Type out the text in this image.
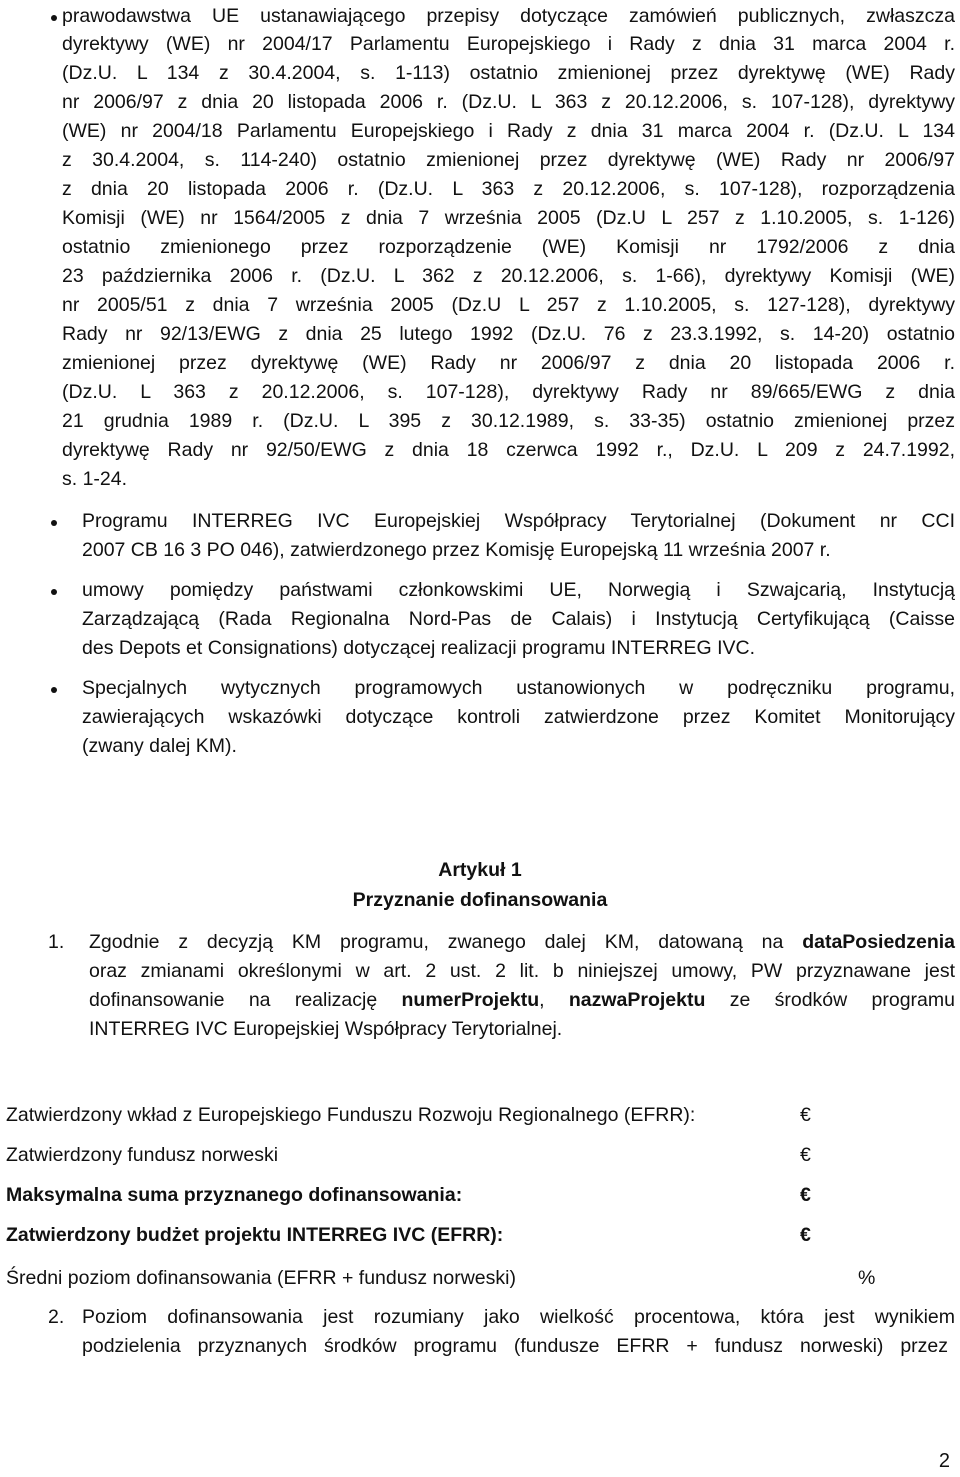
prawodawstwa UE ustanawiającego przepisy dotyczące zamówień publicznych, zwłaszcza
dyrektywy (WE) nr 2004/17 Parlamentu Europejskiego i Rady z dnia 31 marca 2004 r.
(Dz.U. L 134 z 30.4.2004, s. 1-113) ostatnio zmienionej przez dyrektywę (WE) Rady
nr 2006/97 z dnia 20 listopada 2006 r. (Dz.U. L 363 z 20.12.2006, s. 107-128), dyrektywy
(WE) nr 2004/18 Parlamentu Europejskiego i Rady z dnia 31 marca 2004 r. (Dz.U. L 134
z 30.4.2004, s. 114-240) ostatnio zmienionej przez dyrektywę (WE) Rady nr 2006/97
z dnia 20 listopada 2006 r. (Dz.U. L 363 z 20.12.2006, s. 107-128), rozporządzenia
Komisji (WE) nr 1564/2005 z dnia 7 września 2005 (Dz.U L 257 z 1.10.2005, s. 1-126)
ostatnio zmienionego przez rozporządzenie (WE) Komisji nr 1792/2006 z dnia
23 października 2006 r. (Dz.U. L 362 z 20.12.2006, s. 1-66), dyrektywy Komisji (WE)
nr 2005/51 z dnia 7 września 2005 (Dz.U L 257 z 1.10.2005, s. 127-128), dyrektywy
Rady nr 92/13/EWG z dnia 25 lutego 1992 (Dz.U. 76 z 23.3.1992, s. 14-20) ostatnio
zmienionej przez dyrektywę (WE) Rady nr 2006/97 z dnia 20 listopada 2006 r.
(Dz.U. L 363 z 20.12.2006, s. 107-128), dyrektywy Rady nr 89/665/EWG z dnia
21 grudnia 1989 r. (Dz.U. L 395 z 30.12.1989, s. 33-35) ostatnio zmienionej przez
dyrektywę Rady nr 92/50/EWG z dnia 18 czerwca 1992 r., Dz.U. L 209 z 24.7.1992,
s. 1-24.
Programu INTERREG IVC Europejskiej Współpracy Terytorialnej (Dokument nr CCI
2007 CB 16 3 PO 046), zatwierdzonego przez Komisję Europejską 11 września 2007 r.
umowy pomiędzy państwami członkowskimi UE, Norwegią i Szwajcarią, Instytucją
Zarządzającą (Rada Regionalna Nord-Pas de Calais) i Instytucją Certyfikującą (Caisse
des Depots et Consignations) dotyczącej realizacji programu INTERREG IVC.
Specjalnych wytycznych programowych ustanowionych w podręczniku programu,
zawierających wskazówki dotyczące kontroli zatwierdzone przez Komitet Monitorujący
(zwany dalej KM).
Artykuł 1
Przyznanie dofinansowania
1. Zgodnie z decyzją KM programu, zwanego dalej KM, datowaną na dataPosiedzenia
oraz zmianami określonymi w art. 2 ust. 2 lit. b niniejszej umowy, PW przyznawane jest
dofinansowanie na realizację numerProjektu, nazwaProjektu ze środków programu
INTERREG IVC Europejskiej Współpracy Terytorialnej.
Zatwierdzony wkład z Europejskiego Funduszu Rozwoju Regionalnego (EFRR):	€
Zatwierdzony fundusz norweski	€
Maksymalna suma przyznanego dofinansowania:	€
Zatwierdzony budżet projektu INTERREG IVC (EFRR):	€
Średni poziom dofinansowania (EFRR + fundusz norweski)	%
2. Poziom dofinansowania jest rozumiany jako wielkość procentowa, która jest wynikiem
podzielenia przyznanych środków programu (fundusze EFRR + fundusz norweski) przez
2
